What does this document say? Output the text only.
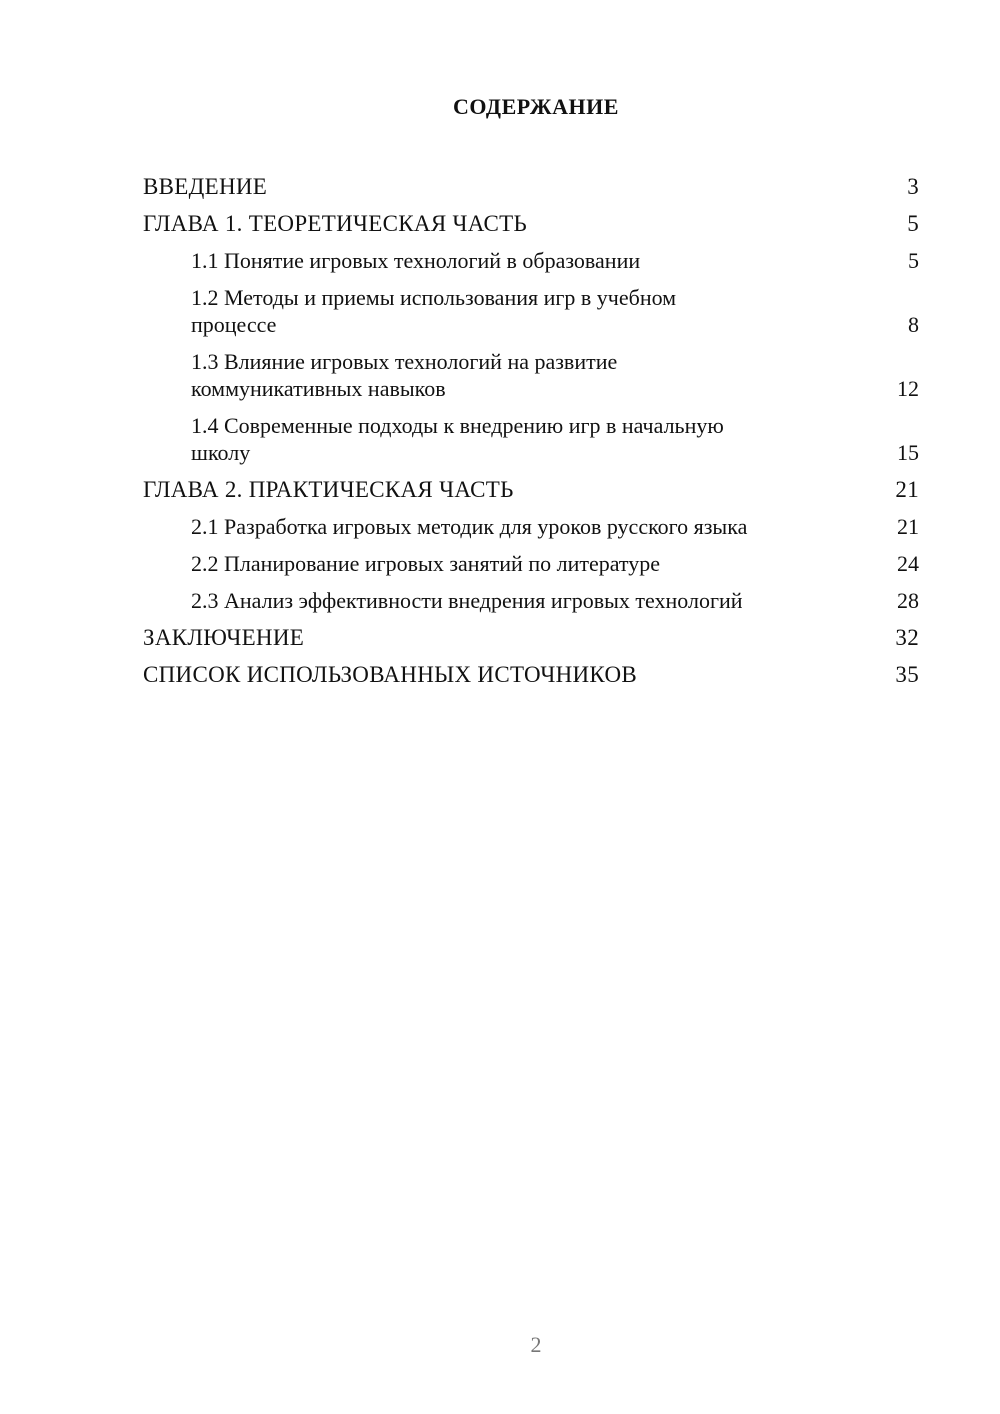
СОДЕРЖАНИЕ
ВВЕДЕНИЕ	3
ГЛАВА 1. ТЕОРЕТИЧЕСКАЯ ЧАСТЬ	5
1.1 Понятие игровых технологий в образовании	5
1.2 Методы и приемы использования игр в учебном процессе	8
1.3 Влияние игровых технологий на развитие коммуникативных навыков	12
1.4 Современные подходы к внедрению игр в начальную школу	15
ГЛАВА 2. ПРАКТИЧЕСКАЯ ЧАСТЬ	21
2.1 Разработка игровых методик для уроков русского языка	21
2.2 Планирование игровых занятий по литературе	24
2.3 Анализ эффективности внедрения игровых технологий	28
ЗАКЛЮЧЕНИЕ	32
СПИСОК ИСПОЛЬЗОВАННЫХ ИСТОЧНИКОВ	35
2
